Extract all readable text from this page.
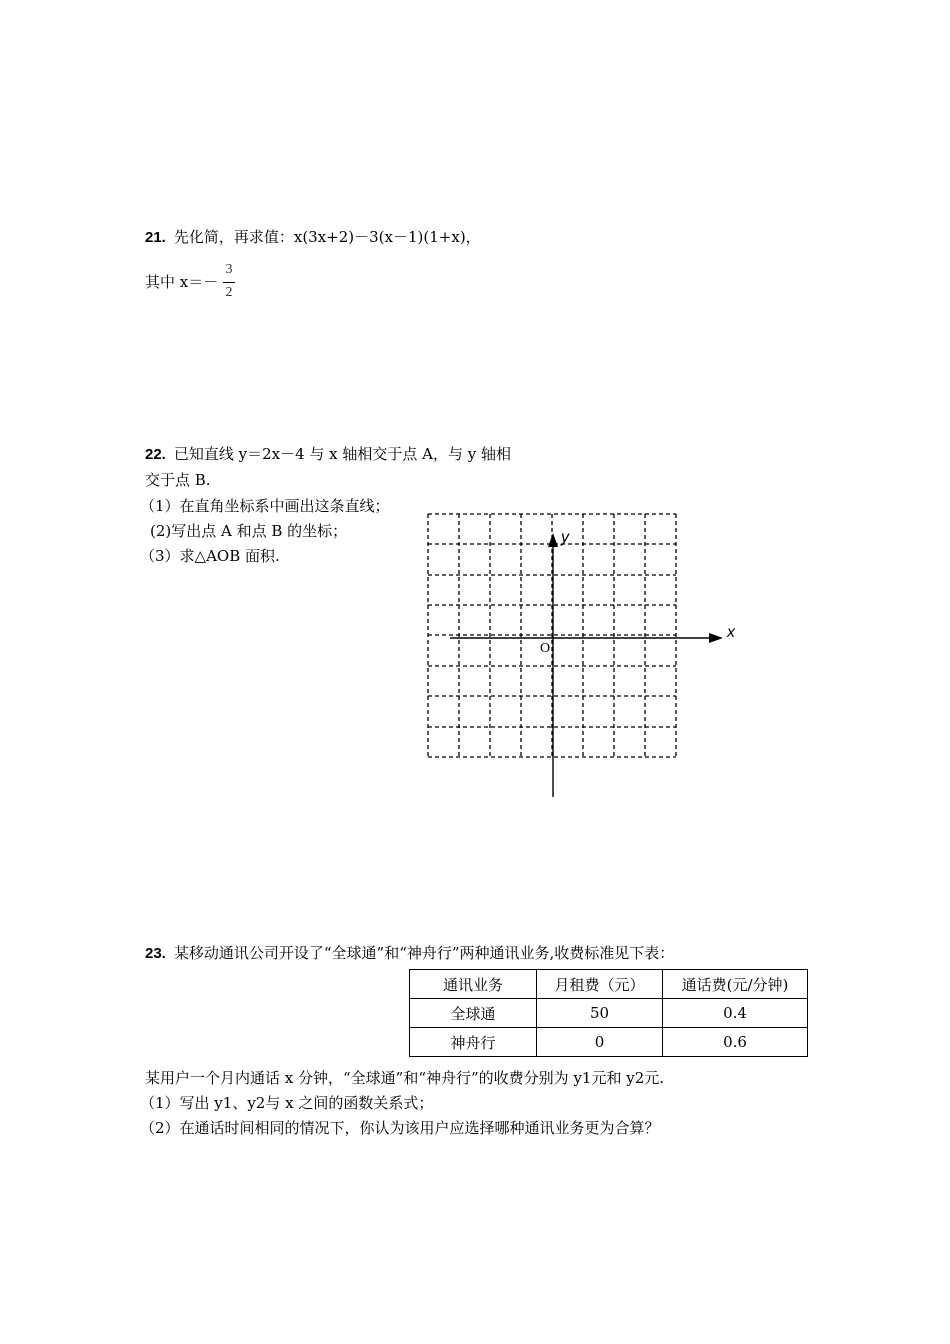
21. 先化简，再求值：x(3x+2)－3(x－1)(1+x)，
其中 x＝－
3
2
22. 已知直线 y＝2x－4 与 x 轴相交于点 A，与 y 轴相
交于点 B.
（1）在直角坐标系中画出这条直线；
(2)写出点 A 和点 B 的坐标；
（3）求△AOB 面积.
x
y
O
23. 某移动通讯公司开设了“全球通”和“神舟行”两种通讯业务,收费标准见下表：
通讯业务	月租费（元）	通话费(元/分钟)
全球通	50	0.4
神舟行	0	0.6
某用户一个月内通话 x 分钟，“全球通”和“神舟行”的收费分别为 y1元和 y2元.
（1）写出 y1、y2与 x 之间的函数关系式；
（2）在通话时间相同的情况下，你认为该用户应选择哪种通讯业务更为合算？
